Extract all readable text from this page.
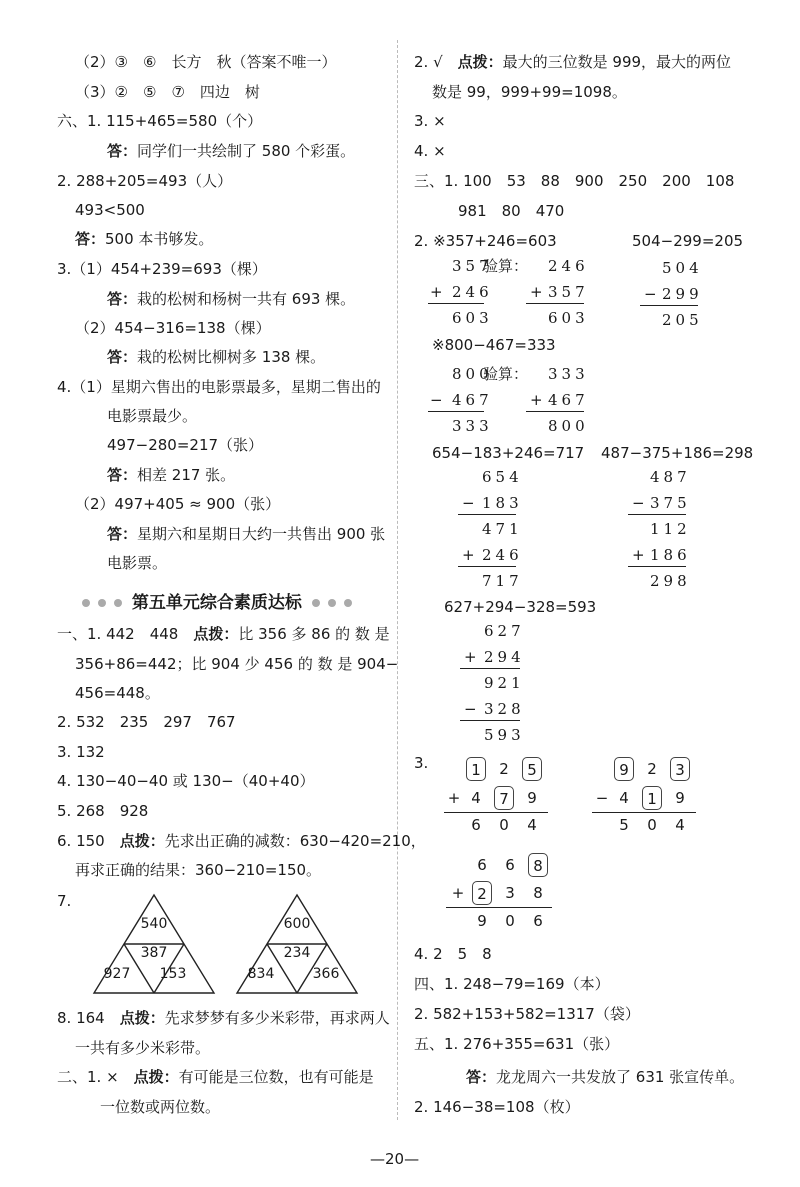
（2）③　⑥　长方　秋（答案不唯一）
（3）②　⑤　⑦　四边　树
六、1. 115+465=580（个）
答：同学们一共绘制了 580 个彩蛋。
2. 288+205=493（人）
493<500
答：500 本书够发。
3.（1）454+239=693（棵）
答：栽的松树和杨树一共有 693 棵。
（2）454−316=138（棵）
答：栽的松树比柳树多 138 棵。
4.（1）星期六售出的电影票最多，星期二售出的
电影票最少。
497−280=217（张）
答：相差 217 张。
（2）497+405 ≈ 900（张）
答：星期六和星期日大约一共售出 900 张
电影票。
第五单元综合素质达标
一、1. 442　448　点拨：比 356 多 86 的 数 是
356+86=442；比 904 少 456 的 数 是 904−
456=448。
2. 532　235　297　767
3. 132
4. 130−40−40 或 130−（40+40）
5. 268　928
6. 150　点拨：先求出正确的减数：630−420=210，
再求正确的结果：360−210=150。
7.
540
387
927	153
600
234
834	366
8. 164　点拨：先求梦梦有多少米彩带，再求两人
一共有多少米彩带。
二、1. ×　点拨：有可能是三位数，也有可能是
一位数或两位数。
2. √　点拨：最大的三位数是 999，最大的两位
数是 99，999+99=1098。
3. ×
4. ×
三、1. 100　53　88　900　250　200　108
981　80　470
2. ※357+246=603	504−299=205
357
验算：
+ 246
603
246
+ 357
603
504
− 299
205
※800−467=333
800
验算：
− 467
333
333
+ 467
800
654−183+246=717 487−375+186=298
654
− 183
471
+ 246
717
487
− 375
112
+ 186
298
627+294−328=593
627
+ 294
921
− 328
593
3.	1	2	5
+ 4	7	9
6	0	4
9	2	3
− 4	1	9
5	0	4
6	6	8
+ 2	3	8
9	0	6
4. 2　5　8
四、1. 248−79=169（本）
2. 582+153+582=1317（袋）
五、1. 276+355=631（张）
答：龙龙周六一共发放了 631 张宣传单。
2. 146−38=108（枚）
—20—
